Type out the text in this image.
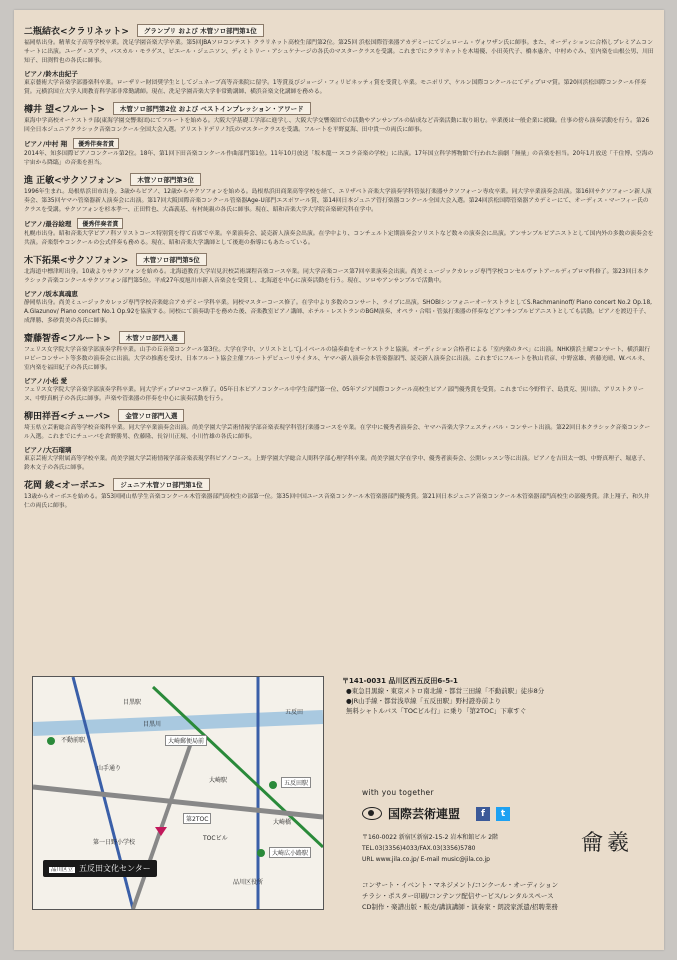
二瓶結衣<クラリネット>	グランプリ および 木管ソロ部門第1位

福岡県出身。精華女子高等学校卒業。洗足学園音楽大学卒業。第5回JBAソロコンテスト クラリネット高校生部門第2位。第25回 浜松国際管楽器アカデミーにてジェローム・ヴォワザン氏に師事。また、オーディションに合格しプレミアムコンサートに出演。ユーグ・スアラ、パスカル・モラゲス、ピエール・ジェニソン、ディミトリー・アシュケナージの各氏のマスタークラスを受講。これまでにクラリネットを木場優、小田英代子、橋本惠介、中村めぐみ、室内楽を山根公男、川田知子、田渕哲也の各氏に師事。

ピアノ/鈴木由紀子

東京藝術大学音楽学部器楽科卒業。ローザリー財団奨学生としてジュネーブ高等音楽院に留学。1等賞及びジョージ・フィリピネッティ賞を受賞し卒業。モニポリア、ケルン国際コンクールにてディプロマ賞。第20回浜松国際コンクール伴奏賞。元横浜国立大学人間教育科学部非常勤講師。現在、洗足学園音楽大学非常勤講師、横浜音楽文化講師を務める。

樽井 望<フルート>	木管ソロ部門第2位 および ベストインプレッション・アワード

東海中学高校オーケストラ部(東海学園交響楽団)にてフルートを始める。大阪大学基礎工学部に進学し、大阪大学交響楽団での活動やアンサンブルの結成など音楽活動に取り組む。卒業後は一般企業に就職。仕事の傍ら演奏活動を行う。第26回全日本ジュニアクラシック音楽コンクール全国大会入選。アリストドデリノ?氏のマスタークラスを受講。フルートを平野夏海、田中貴一の両氏に師事。

ピアノ/中村 翔	優秀伴奏者賞

2014年、知多国際ピアノコンクール第2位。18年、第1回下田音楽コンクール作曲部門第1位。11年10月放送「坂本龍一 スコラ音楽の学校」に出演。17年国立科学博物館で行われた演劇「無量」の音楽を担当。20年1月放送「千住博、空海の宇宙から降臨」の音楽を担当。

進 正敏<サクソフォン>	木管ソロ部門第3位

1996年生まれ。島根県浜田市出身。3歳からピアノ、12歳からサクソフォンを始める。島根県浜田商業高等学校を経て、エリザベト音楽大学演奏学科管弦打楽器サクソフォーン専攻卒業。同大学卒業演奏会出演。第16回サクソフォーン新人演奏会、第35回ヤマハ管楽器新人演奏会に出演。第17回大阪国際音楽コンクール管楽器Age-U部門エスポワール賞、第14回日本ジュニア管打楽器コンクール全国大会入選。第24回浜松国際管楽器アカデミーにて、オーディス・マーフィー氏のクラスを受講。サクソフォンを杉本孝一、正田哲也、大森義基、有村純親の各氏に師事。現在、昭和音楽大学大学院音楽研究科在学中。

ピアノ/最谷絵理	優秀伴奏者賞

札幌市出身。昭和音楽大学ピアノ科ソリストコース特別賞を得て首席で卒業。卒業演奏会、読売新人演奏会出演。在学中より、コンチェルト定期演奏会ソリストなど数々の演奏会に出演。アンサンブルピアニストとして国内外の多数の演奏会を共演。音楽祭やコンクールの公式伴奏も務める。現在、昭和音楽大学講師として後進の指導にもあたっている。

木下拓果<サクソフォン>	木管ソロ部門第5位

北海道中標津町出身。10歳よりサクソフォンを始める。北海道教育大学岩見沢校芸術課程音楽コース卒業。同大学音楽コース第7回卒業演奏会出演。尚美ミュージックカレッジ専門学校コンセルヴァトアールディプロマ科修了。第23回日本クラシック音楽コンクールサクソフォン部門第5位。平成27年度旭川市新人音楽会を受賞し、北海道を中心に演奏活動を行う。現在、ソロやアンサンブルで活動中。

ピアノ/坂本真魂恵

静岡県出身。尚美ミュージックカレッジ専門学校音楽総合アカデミー学科卒業。同校マスターコース修了。在学中より多数のコンサート、ライブに出演。SHOBIシンフォニーオーケストラとしてS.Rachmaninoff/ Piano concert No.2 Op.18, A.Glazunov/ Piano concert No.1 Op.92を協演する。同校にて演奏助手を務めた後、音楽教室ピアノ講師、ホテル・レストランのBGM演奏、オペラ・合唱・管弦打楽器の伴奏などアンサンブルピアニストとしても活動。ピアノを渡辺千子、成澤勝、多砂貴美の各氏に師事。

齋藤智香<フルート>	木管ソロ部門入選

フェリス女学院大学音楽学部演奏学科卒業。山手の丘音楽コンクール第3位。大学在学中、ソリストとしてJ.イベールの協奏曲をオーケストラと協演。オーディション合格者による「室内楽のタベ」に出演。NHK横浜土曜コンサート、横浜銀行ロビーコンサート等多数の演奏会に出演。大学の推薦を受け、日本フルート協会主催フルートデビューリサイタル、ヤマハ新人演奏会本管楽器部門、読売新人演奏会に出演。これまでにフルートを秋山君彦、中野富雄、齊藤光晴、W.ベルネ、室内楽を福田紀子の各氏に師事。

ピアノ/小松 愛

フェリス女学院大学音楽学部演奏学科卒業。同大学ディプロマコース修了。05年日本ピアノコンクール中学生部門第一位、05年アジア国際コンクール高校生ピアノ部門優秀賞を受賞。これまでに今野哲子、島貴克、黒川浩、アリストクリーヌ、中野真帆子の各氏に師事。声楽や管楽器の伴奏を中心に演奏活動を行う。

柳田祥吾<チューバ>	金管ソロ部門入選

埼玉県立芸術総合高等学校音楽科卒業。同大学卒業演奏会出演。尚美学園大学芸術情報学部音楽表現学科管打楽器コースを卒業。在学中に優秀者演奏会、ヤマハ音楽大学フェスティバル・コンサート出演。第22回日本クラシック音楽コンクール入選。これまでにチューバを倉野勝男、佐藤隆、長谷川正規、小川竹雄の各氏に師事。

ピアノ/大石瑠璃

東京芸術大学附属高等学校卒業。尚美学園大学芸術情報学部音楽表現学科ピアノコース。上野学園大学総合人間科学部心理学科卒業。尚美学園大学在学中、優秀者演奏会、公開レッスン等に出演。ピアノを吉田太一朗、中野真理子、堀恵子、鈴木文子の各氏に師事。

花岡 綾<オーボエ>	ジュニア木管ソロ部門第1位

13歳からオーボエを始める。第53回岡山県学生音楽コンクール木管楽器部門高校生の部第一位。第35回中国ユース音楽コンクール木管楽器部門優秀賞。第21回日本ジュニア音楽コンクール木管楽器部門高校生の部優秀賞。津上翔子、和久井仁の両氏に師事。

不動前駅
目黒川
山手通り
大崎郵便局前
大崎駅	五反田駅
第2TOC
TOCビル
大崎広小路駅
第一日野小学校
品川区役所
目黒駅
大崎橋
五反田
品川区立 五反田文化センター
〒141-0031 品川区西五反田6-5-1
●東急目黒線・東京メトロ南北線・都営三田線「不動前駅」徒歩8分
●JR山手線・都営浅草線「五反田駅」野村證券前より
無料シャトルバス「TOCビル行」に乗り「第2TOC」下車すぐ
with you together
国際芸術連盟	f	t
〒160-0022 新宿区新宿2-15-2 岩本和館ビル 2階
TEL.03(3356)4033/FAX.03(3356)5780
URL www.jila.co.jp/ E-mail music@jila.co.jp
龠 羲
コンサート・イベント・マネジメント/コンクール・オーディション
チラシ・ポスター印刷/コンテンツ配信サービス/レンタルスペース
CD制作・楽譜出版・販売/講演講師・演奏家・朗読家派遣/招聘業務
